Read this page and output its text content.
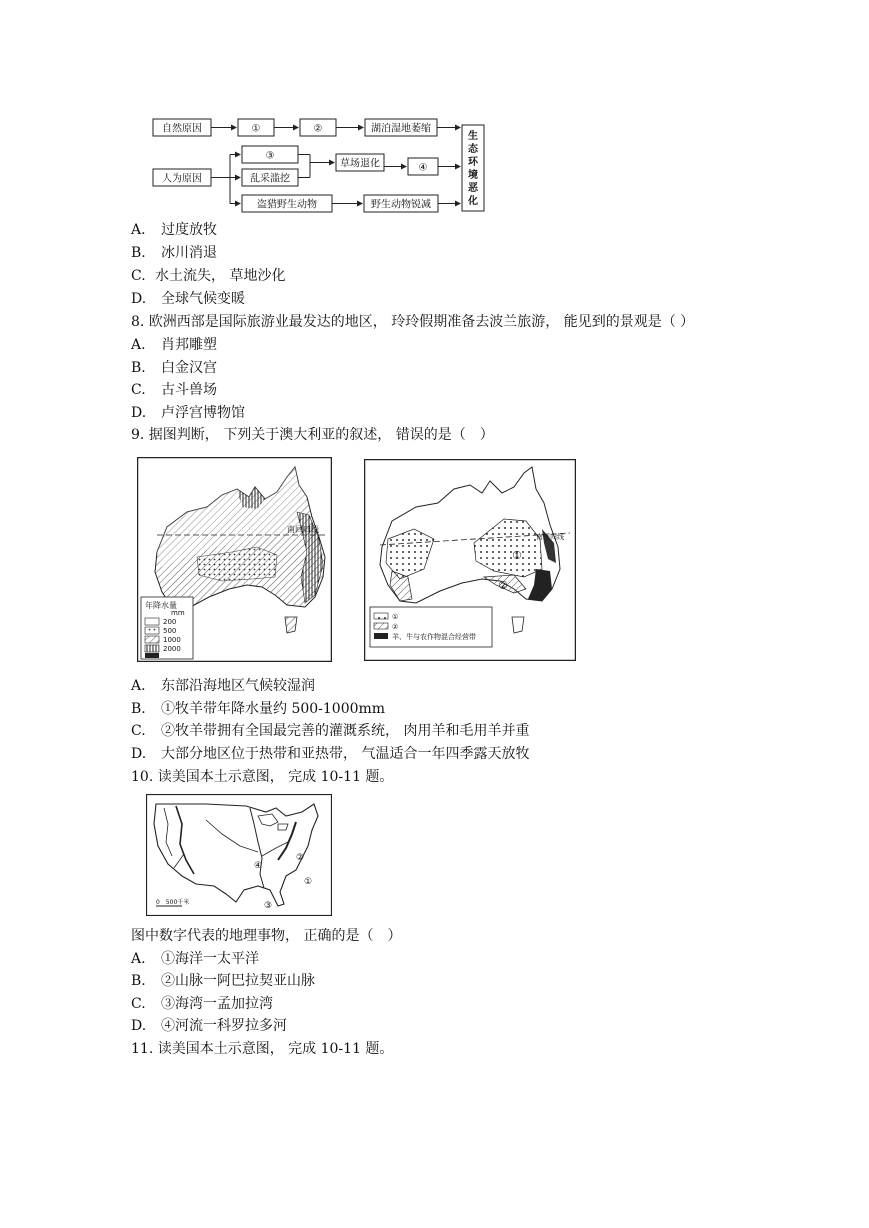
自然原因	①	②	湖泊湿地萎缩
人为原因
③
乱采滥挖
草场退化	④
盗猎野生动物	野生动物锐减
生
态
环
境
恶
化
A. 过度放牧
B. 冰川消退
C. 水土流失， 草地沙化
D. 全球气候变暖
8. 欧洲西部是国际旅游业最发达的地区， 玲玲假期准备去波兰旅游， 能见到的景观是（ ）
A. 肖邦雕塑
B. 白金汉宫
C. 古斗兽场
D. 卢浮宫博物馆
9. 据图判断， 下列关于澳大利亚的叙述， 错误的是（　）
南回归线
年降水量
mm
200
500
1000
2000
南回归线
①
②
①
②
羊、牛与农作物混合经营带
A. 东部沿海地区气候较湿润
B. ①牧羊带年降水量约 500-1000mm
C. ②牧羊带拥有全国最完善的灌溉系统， 肉用羊和毛用羊并重
D. 大部分地区位于热带和亚热带， 气温适合一年四季露天放牧
10. 读美国本土示意图， 完成 10-11 题。
①
②
③
④
0　500千米
图中数字代表的地理事物， 正确的是（　）
A. ①海洋一太平洋
B. ②山脉一阿巴拉契亚山脉
C. ③海湾一孟加拉湾
D. ④河流一科罗拉多河
11. 读美国本土示意图， 完成 10-11 题。
